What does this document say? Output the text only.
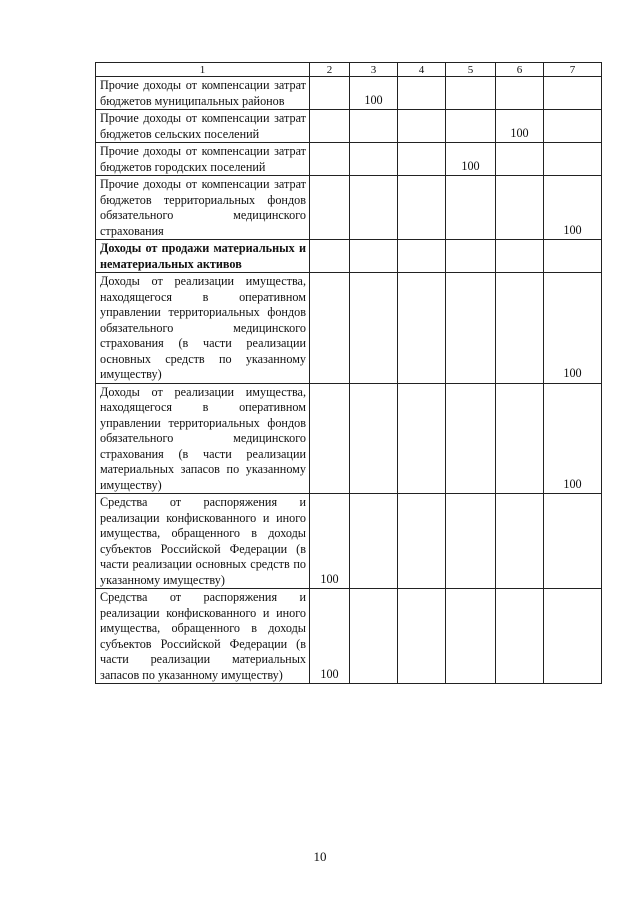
1	2	3	4	5	6	7
Прочие доходы от компенсации затрат бюджетов муниципальных районов		100				
Прочие доходы от компенсации затрат бюджетов сельских поселений					100	
Прочие доходы от компенсации затрат бюджетов городских поселений				100		
Прочие доходы от компенсации затрат бюджетов территориальных фондов обязательного медицинского страхования						100
Доходы от продажи материальных и нематериальных активов						
Доходы от реализации имущества, находящегося в оперативном управлении территориальных фондов обязательного медицинского страхования (в части реализации основных средств по указанному имуществу)						100
Доходы от реализации имущества, находящегося в оперативном управлении территориальных фондов обязательного медицинского страхования (в части реализации материальных запасов по указанному имуществу)						100
Средства от распоряжения и реализации конфискованного и иного имущества, обращенного в доходы субъектов Российской Федерации (в части реализации основных средств по указанному имуществу)	100					
Средства от распоряжения и реализации конфискованного и иного имущества, обращенного в доходы субъектов Российской Федерации (в части реализации материальных запасов по указанному имуществу)	100					
10
